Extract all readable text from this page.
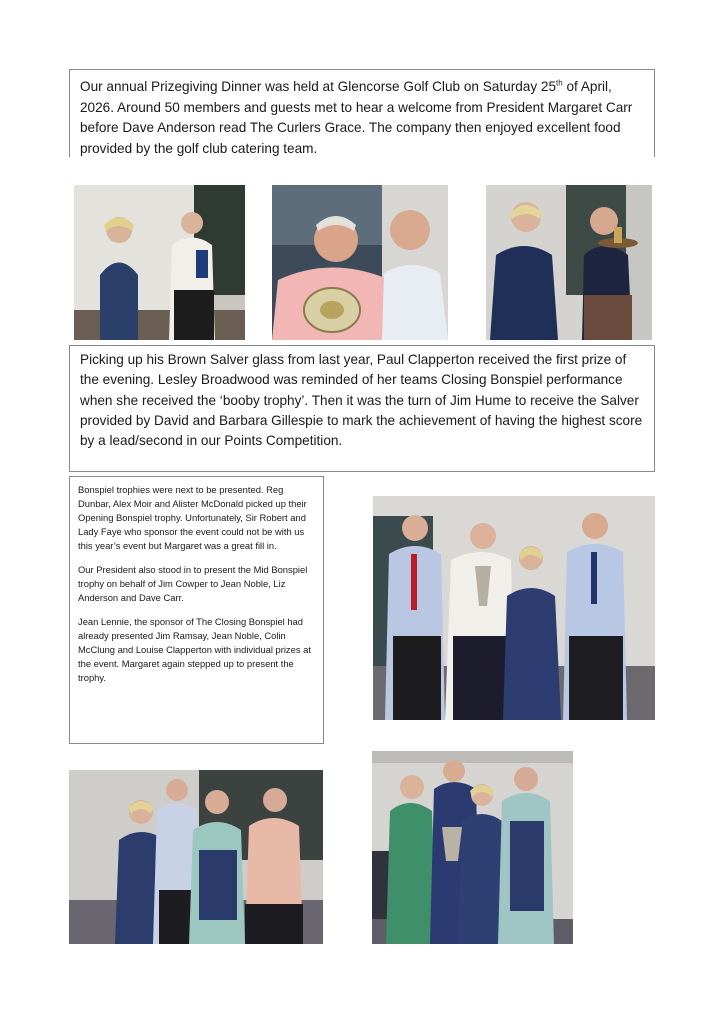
Our annual Prizegiving Dinner was held at Glencorse Golf Club on Saturday 25th of April, 2026. Around 50 members and guests met to hear a welcome from President Margaret Carr before Dave Anderson read The Curlers Grace. The company then enjoyed excellent food provided by the golf club catering team.
Picking up his Brown Salver glass from last year, Paul Clapperton received the first prize of the evening. Lesley Broadwood was reminded of her teams Closing Bonspiel performance when she received the ‘booby trophy’. Then it was the turn of Jim Hume to receive the Salver provided by David and Barbara Gillespie to mark the achievement of having the highest score by a lead/second in our Points Competition.

Bonspiel trophies were next to be presented. Reg Dunbar, Alex Moir and Alister McDonald picked up their Opening Bonspiel trophy. Unfortunately, Sir Robert and Lady Faye who sponsor the event could not be with us this year’s event but Margaret was a great fill in.

Our President also stood in to present the Mid Bonspiel trophy on behalf of Jim Cowper to Jean Noble, Liz Anderson and Dave Carr.

Jean Lennie, the sponsor of The Closing Bonspiel had already presented Jim Ramsay, Jean Noble, Colin McClung and Louise Clapperton with individual prizes at the event. Margaret again stepped up to present the trophy.
